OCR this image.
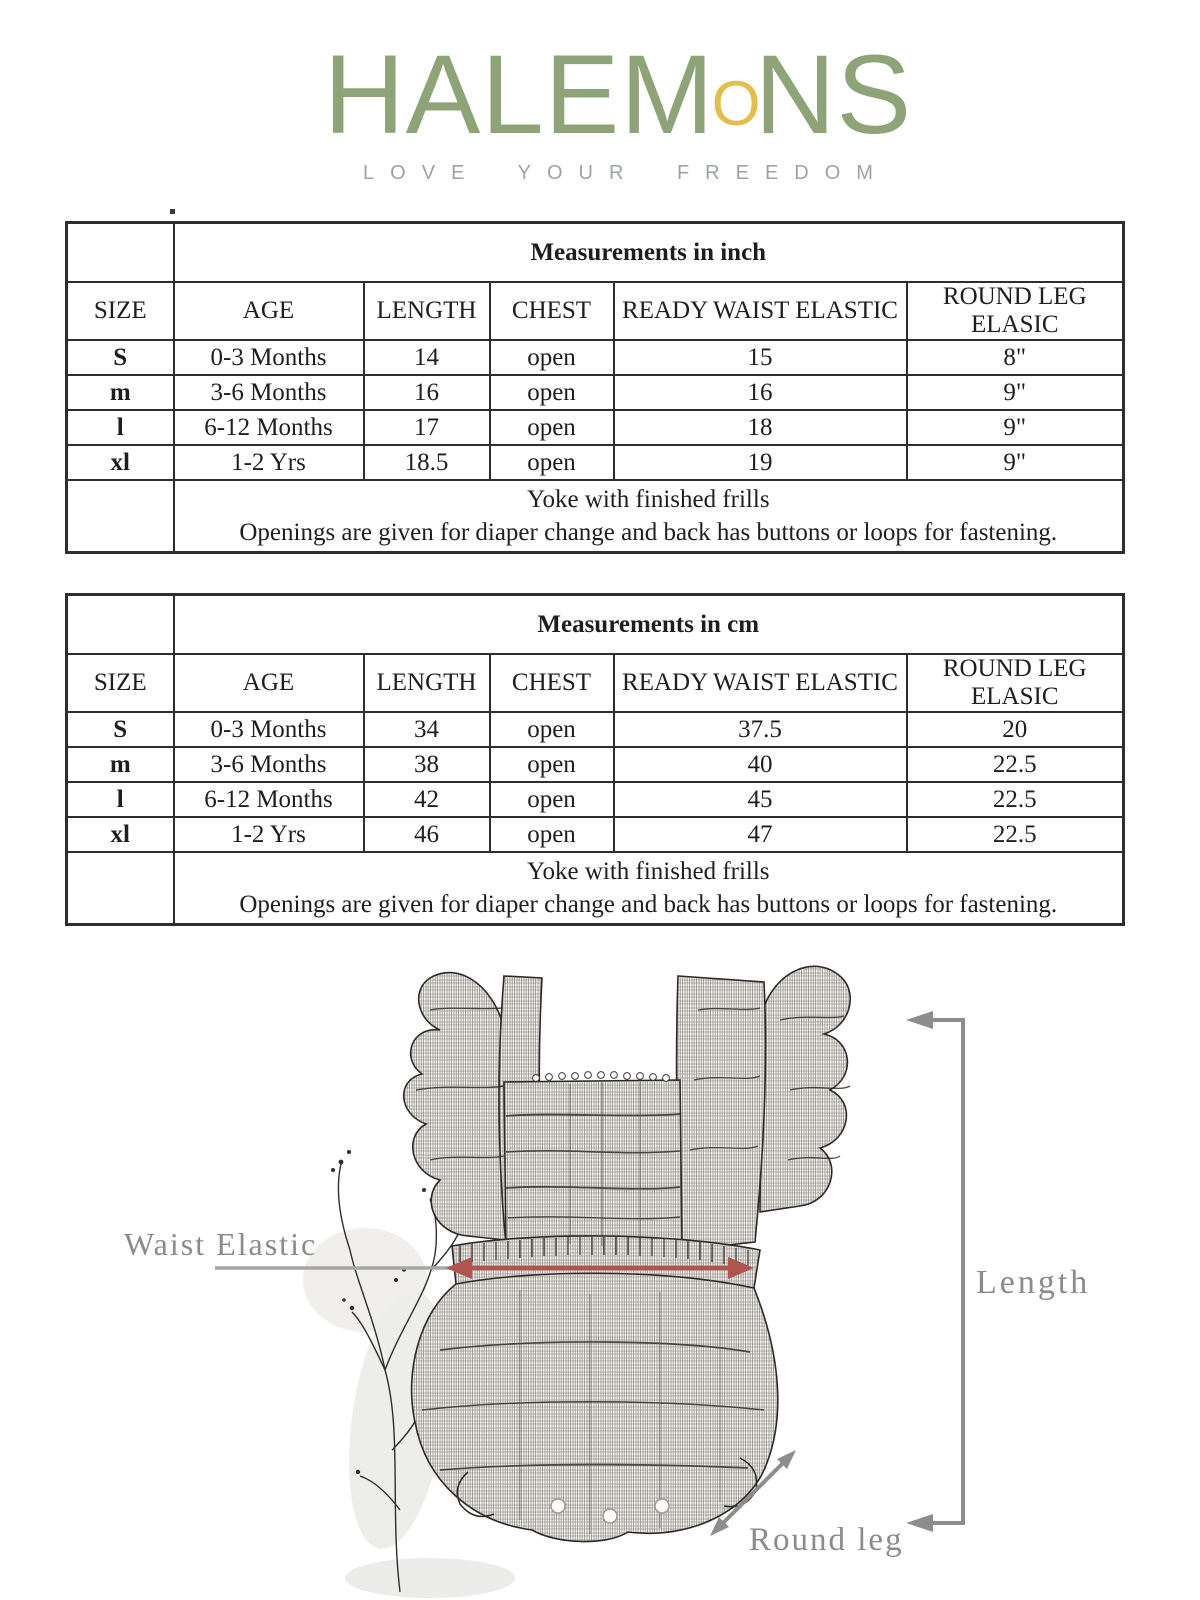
HALEMONS
LOVE YOUR FREEDOM
	Measurements in inch				
SIZE	AGE	LENGTH	CHEST	READY WAIST ELASTIC	ROUND LEG ELASIC
S	0-3 Months	14	open	15	8"
m	3-6 Months	16	open	16	9"
l	6-12 Months	17	open	18	9"
xl	1-2 Yrs	18.5	open	19	9"

	Yoke with finished frills
Openings are given for diaper change and back has buttons or loops for fastening.				
	Measurements in cm				
SIZE	AGE	LENGTH	CHEST	READY WAIST ELASTIC	ROUND LEG ELASIC
S	0-3 Months	34	open	37.5	20
m	3-6 Months	38	open	40	22.5
l	6-12 Months	42	open	45	22.5
xl	1-2 Yrs	46	open	47	22.5

	Yoke with finished frills
Openings are given for diaper change and back has buttons or loops for fastening.				
Waist Elastic
Length
Round leg
